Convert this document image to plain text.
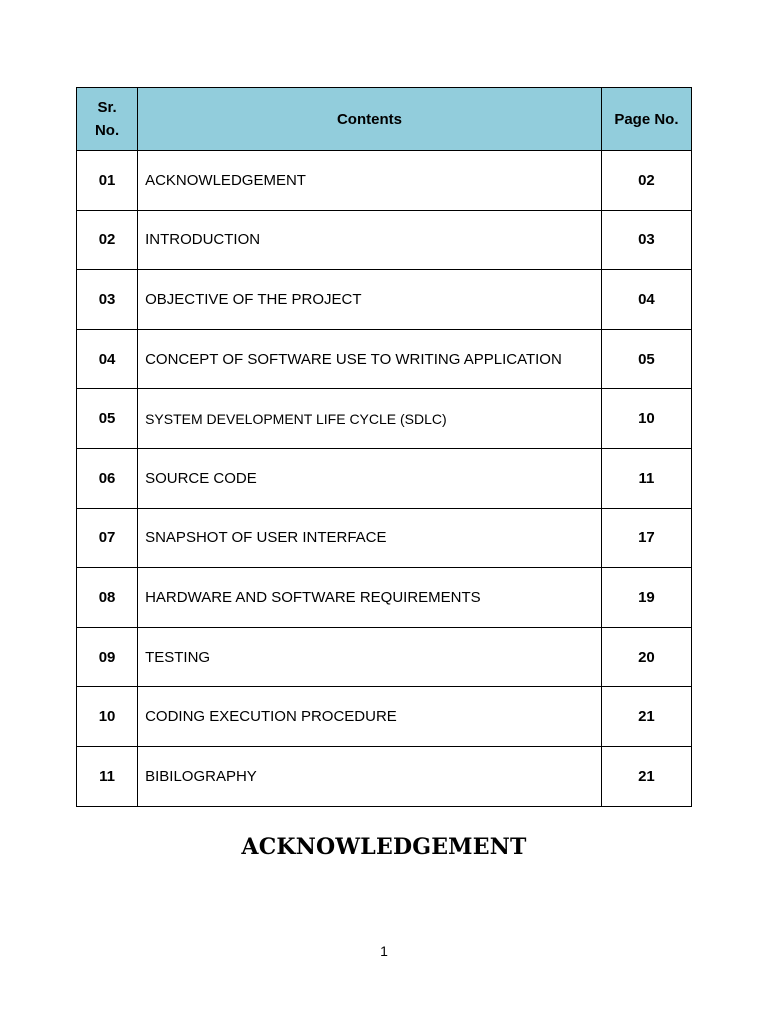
Sr.
No.	Contents	Page No.
01	ACKNOWLEDGEMENT	02
02	INTRODUCTION	03
03	OBJECTIVE OF THE PROJECT	04
04	CONCEPT OF SOFTWARE USE TO WRITING APPLICATION	05
05	SYSTEM DEVELOPMENT LIFE CYCLE (SDLC)	10
06	SOURCE CODE	11
07	SNAPSHOT OF USER INTERFACE	17
08	HARDWARE AND SOFTWARE REQUIREMENTS	19
09	TESTING	20
10	CODING EXECUTION PROCEDURE	21
11	BIBILOGRAPHY	21
ACKNOWLEDGEMENT
1
